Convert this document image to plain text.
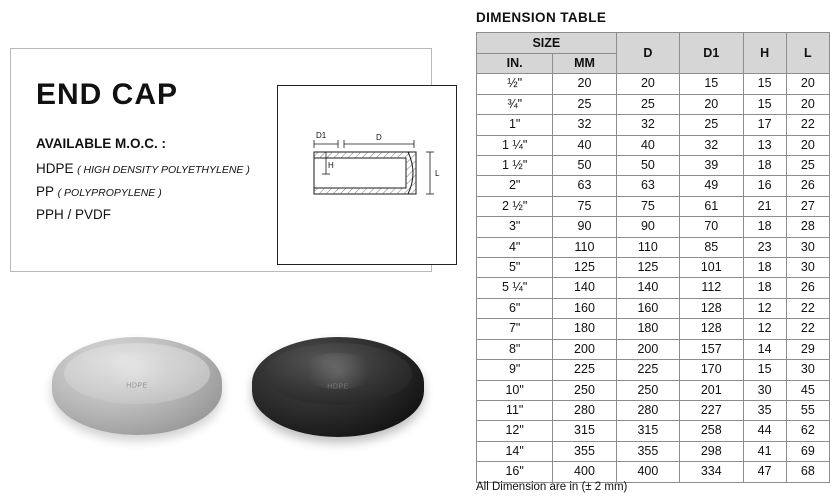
END CAP
AVAILABLE M.O.C. :
HDPE ( HIGH DENSITY POLYETHYLENE )
PP ( POLYPROPYLENE )
PPH / PVDF
D1	D
H
L
HDPE	HDPE
DIMENSION TABLE
SIZE		D	D1	H	L
IN.	MM				
½"	20	20	15	15	20
¾"	25	25	20	15	20
1"	32	32	25	17	22
1 ¼"	40	40	32	13	20
1 ½"	50	50	39	18	25
2"	63	63	49	16	26
2 ½"	75	75	61	21	27
3"	90	90	70	18	28
4"	110	110	85	23	30
5"	125	125	101	18	30
5 ¼"	140	140	112	18	26
6"	160	160	128	12	22
7"	180	180	128	12	22
8"	200	200	157	14	29
9"	225	225	170	15	30
10"	250	250	201	30	45
11"	280	280	227	35	55
12"	315	315	258	44	62
14"	355	355	298	41	69
16"	400	400	334	47	68
All Dimension are in (± 2 mm)
